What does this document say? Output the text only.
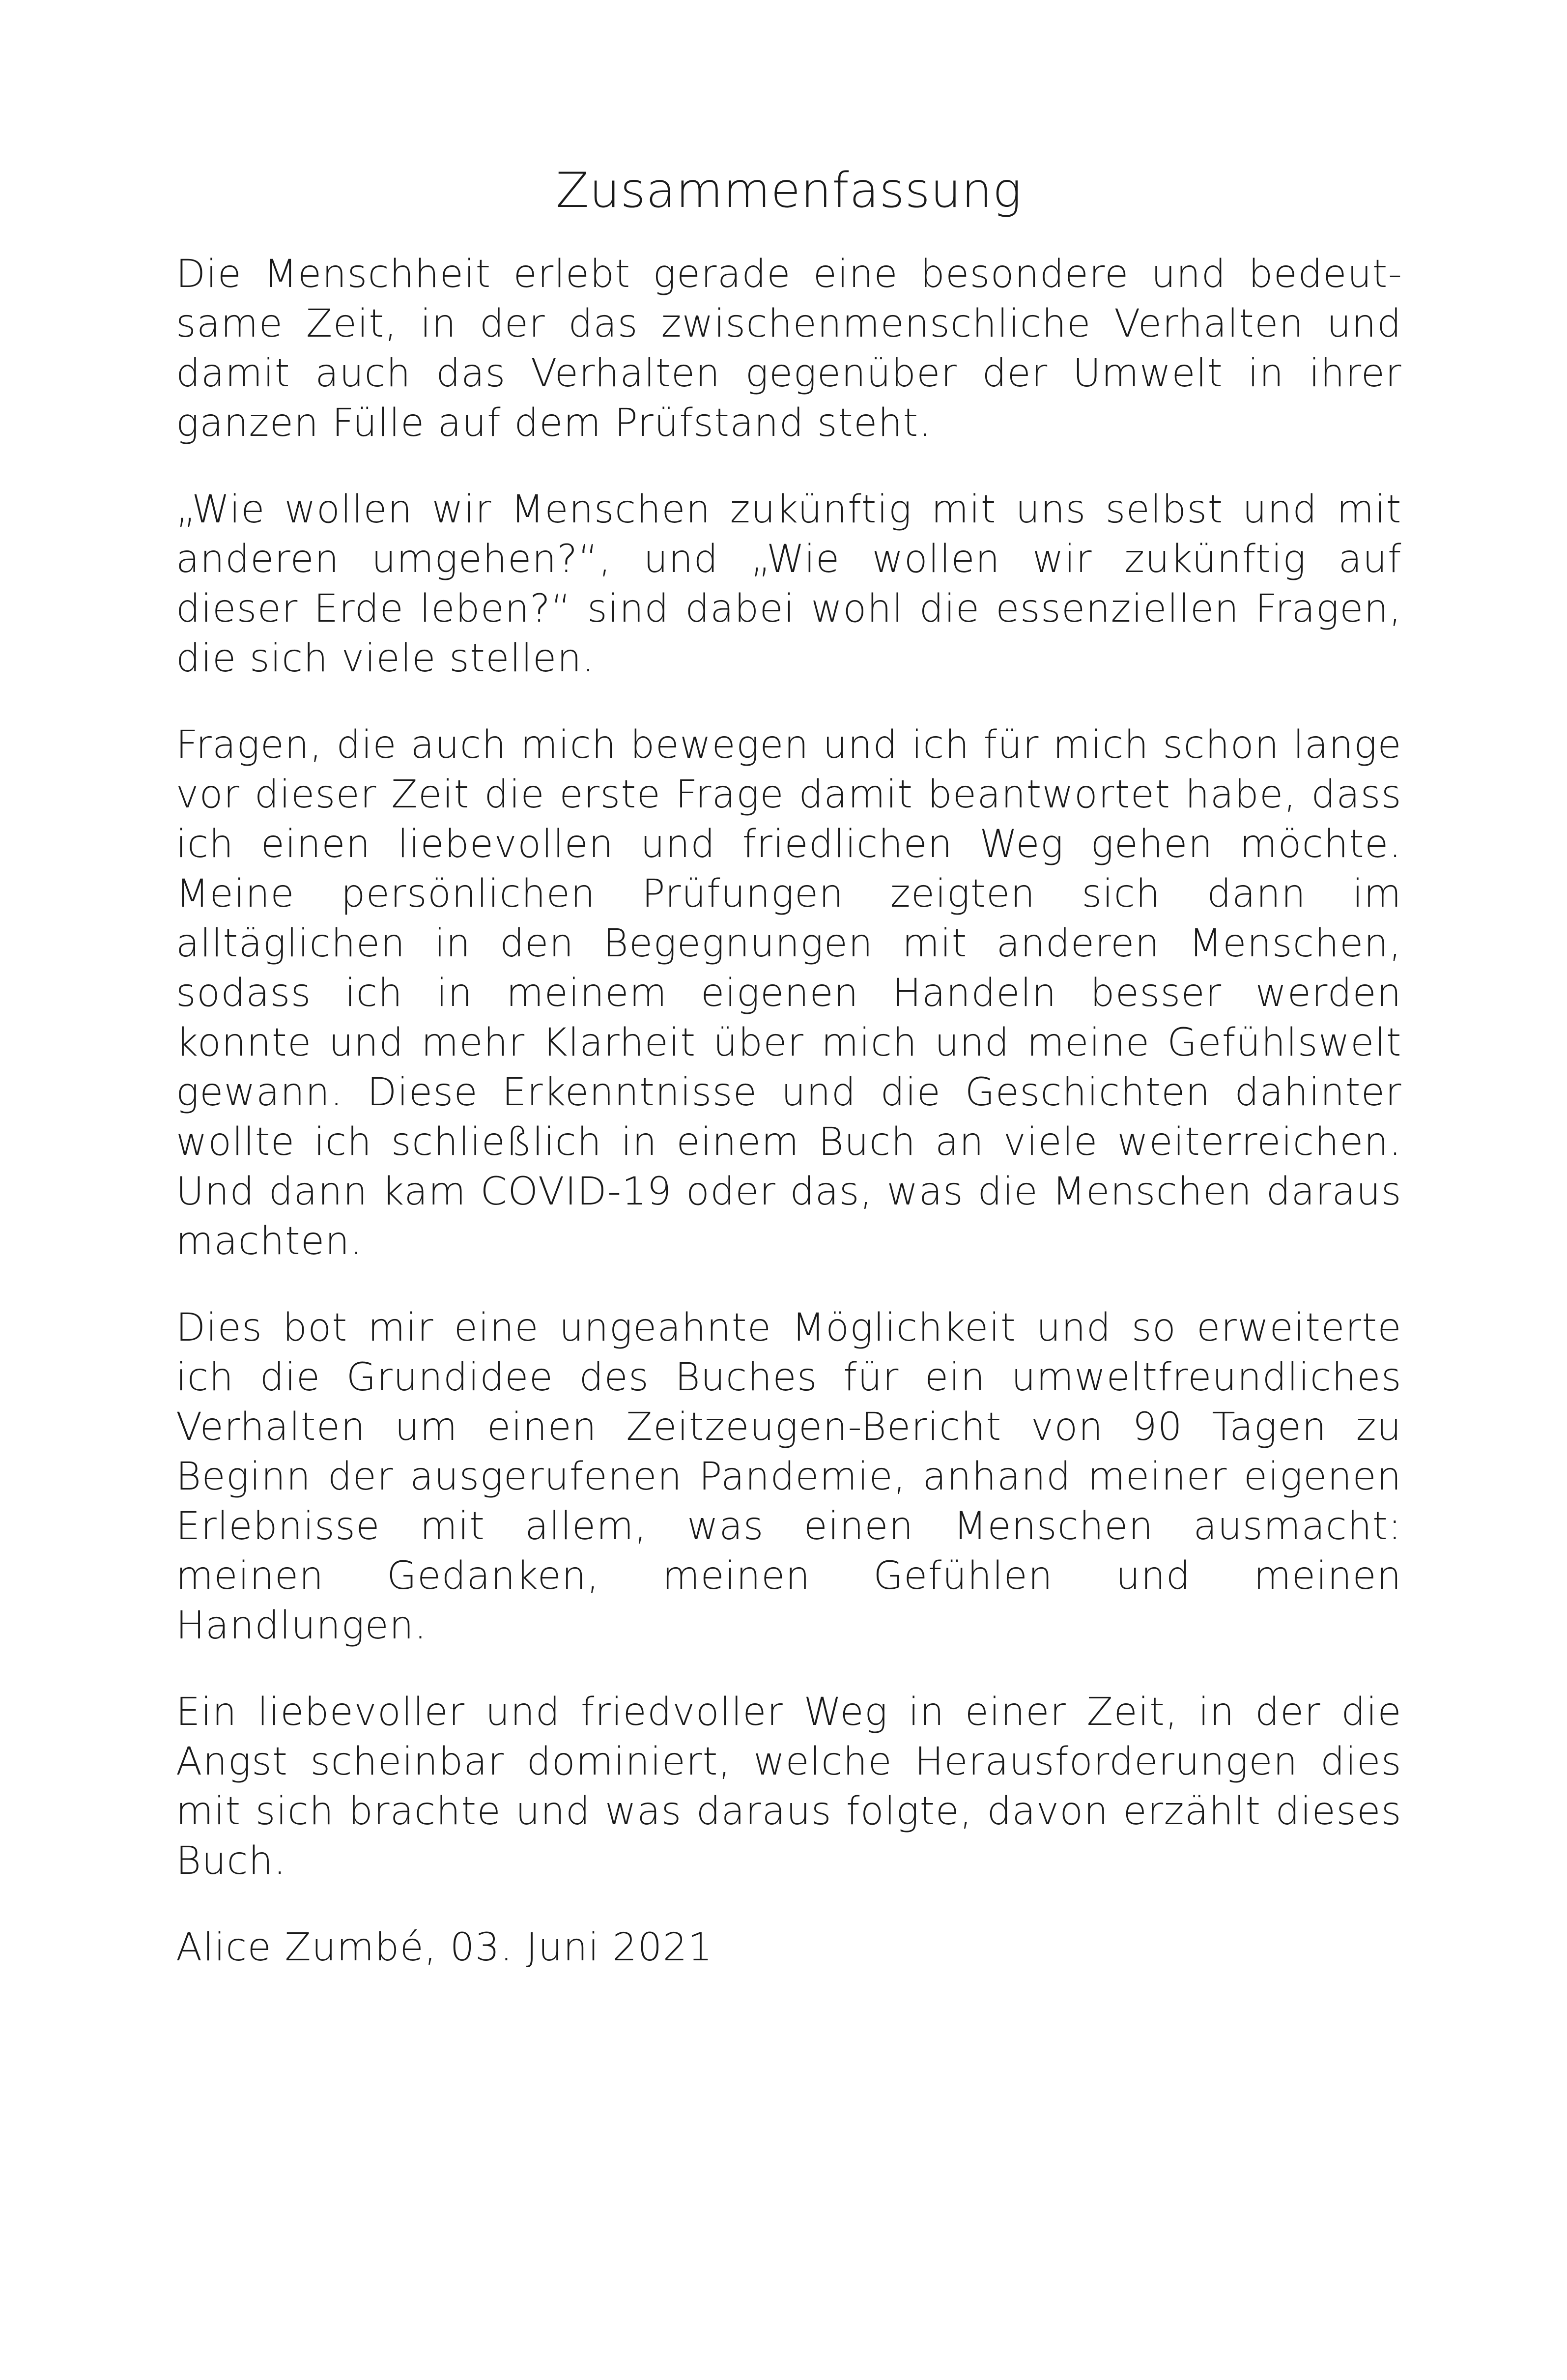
Zusammenfassung

Die Menschheit erlebt gerade eine besondere und bedeutsame Zeit, in der das zwischenmenschliche Verhalten und damit auch das Verhalten gegenüber der Umwelt in ihrer ganzen Fülle auf dem Prüfstand steht.

„Wie wollen wir Menschen zukünftig mit uns selbst und mit anderen umgehen?“, und „Wie wollen wir zukünftig auf dieser Erde leben?“ sind dabei wohl die essenziellen Fragen, die sich viele stellen.

Fragen, die auch mich bewegen und ich für mich schon lange vor dieser Zeit die erste Frage damit beantwortet habe, dass ich einen liebevollen und friedlichen Weg gehen möchte. Meine persönlichen Prüfungen zeigten sich dann im alltäglichen in den Begegnungen mit anderen Menschen, sodass ich in meinem eigenen Handeln besser werden konnte und mehr Klarheit über mich und meine Gefühlswelt gewann. Diese Erkenntnisse und die Geschichten dahinter wollte ich schließlich in einem Buch an viele weiterreichen. Und dann kam COVID-19 oder das, was die Menschen daraus machten.

Dies bot mir eine ungeahnte Möglichkeit und so erweiterte ich die Grundidee des Buches für ein umweltfreundliches Verhalten um einen Zeitzeugen-Bericht von 90 Tagen zu Beginn der ausgerufenen Pandemie, anhand meiner eigenen Erlebnisse mit allem, was einen Menschen ausmacht: meinen Gedanken, meinen Gefühlen und meinen Handlungen.

Ein liebevoller und friedvoller Weg in einer Zeit, in der die Angst scheinbar dominiert, welche Herausforderungen dies mit sich brachte und was daraus folgte, davon erzählt dieses Buch.

Alice Zumbé, 03. Juni 2021
